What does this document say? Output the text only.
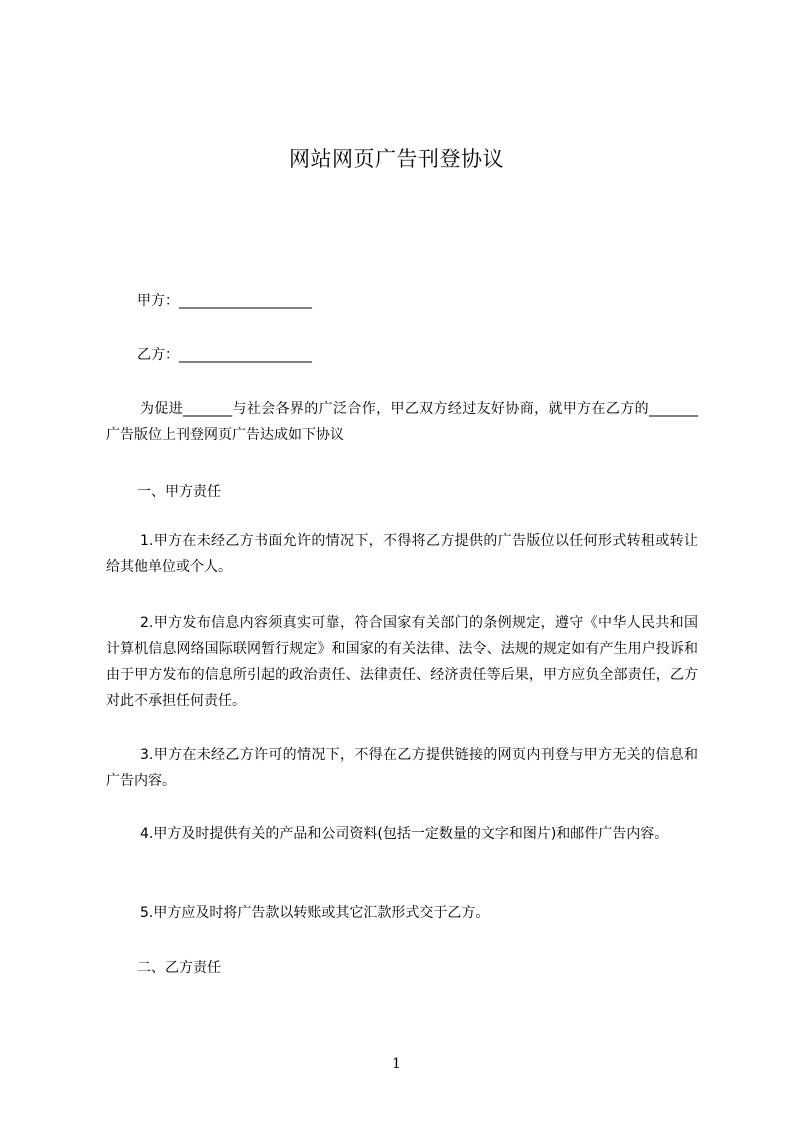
网站网页广告刊登协议
甲方：___________________
乙方：___________________
为促进_______与社会各界的广泛合作，甲乙双方经过友好协商，就甲方在乙方的_______广告版位上刊登网页广告达成如下协议
一、甲方责任
1.甲方在未经乙方书面允许的情况下，不得将乙方提供的广告版位以任何形式转租或转让给其他单位或个人。
2.甲方发布信息内容须真实可靠，符合国家有关部门的条例规定，遵守《中华人民共和国计算机信息网络国际联网暂行规定》和国家的有关法律、法令、法规的规定如有产生用户投诉和由于甲方发布的信息所引起的政治责任、法律责任、经济责任等后果，甲方应负全部责任，乙方对此不承担任何责任。
3.甲方在未经乙方许可的情况下，不得在乙方提供链接的网页内刊登与甲方无关的信息和广告内容。
4.甲方及时提供有关的产品和公司资料(包括一定数量的文字和图片)和邮件广告内容。
5.甲方应及时将广告款以转账或其它汇款形式交于乙方。
二、乙方责任
1
